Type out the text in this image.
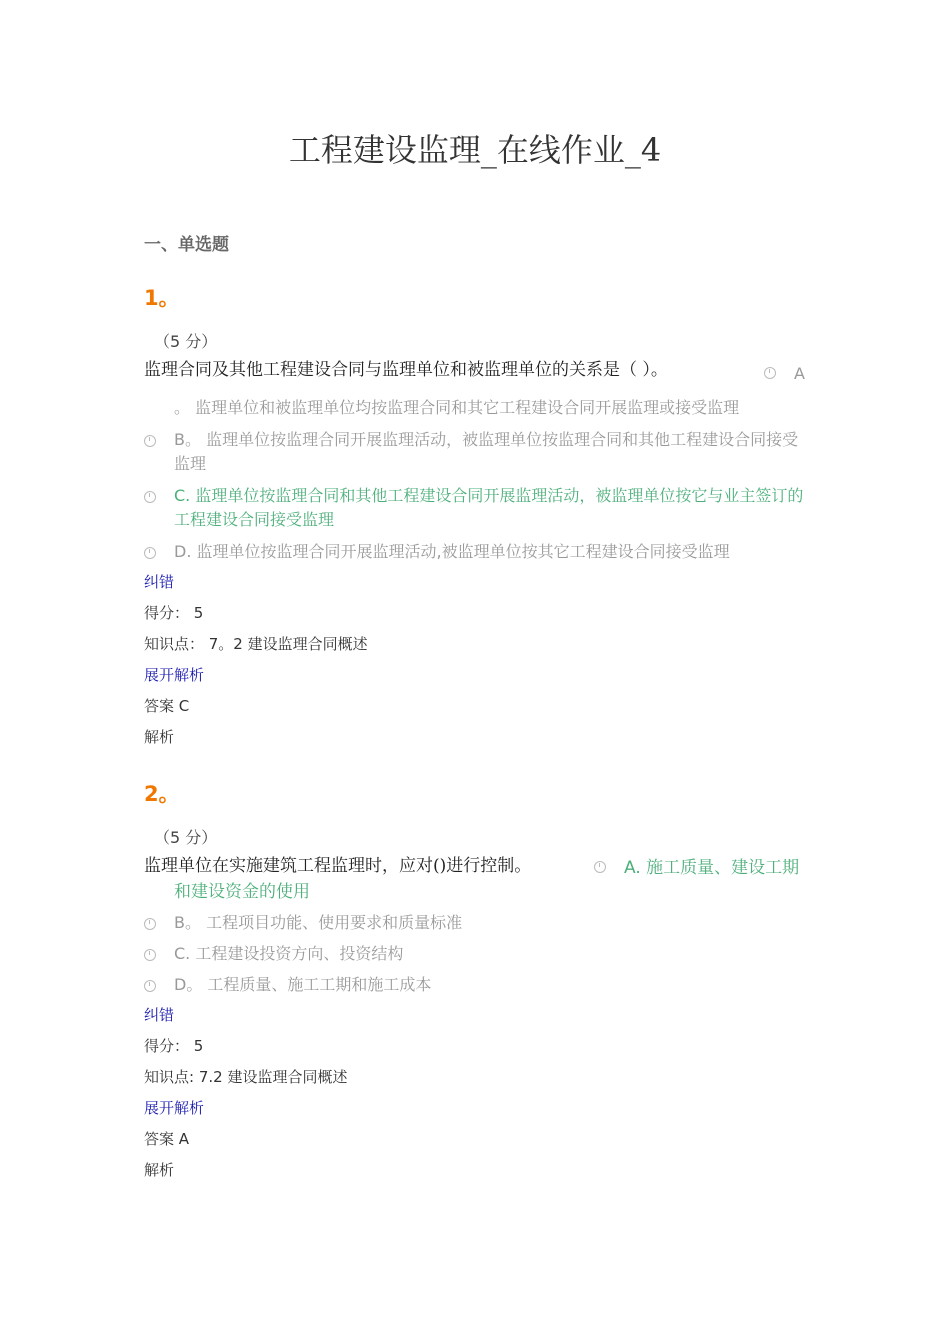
工程建设监理_在线作业_4
一、单选题
1。
（5 分）
监理合同及其他工程建设合同与监理单位和被监理单位的关系是（ ）。	A
。 监理单位和被监理单位均按监理合同和其它工程建设合同开展监理或接受监理
B。 监理单位按监理合同开展监理活动，被监理单位按监理合同和其他工程建设合同接受监理
C. 监理单位按监理合同和其他工程建设合同开展监理活动，被监理单位按它与业主签订的工程建设合同接受监理
D. 监理单位按监理合同开展监理活动,被监理单位按其它工程建设合同接受监理
纠错
得分： 5
知识点： 7。2 建设监理合同概述
展开解析
答案 C
解析
2。
（5 分）
监理单位在实施建筑工程监理时，应对()进行控制。	A. 施工质量、建设工期
和建设资金的使用
B。 工程项目功能、使用要求和质量标准
C. 工程建设投资方向、投资结构
D。 工程质量、施工工期和施工成本
纠错
得分： 5
知识点: 7.2 建设监理合同概述
展开解析
答案 A
解析
